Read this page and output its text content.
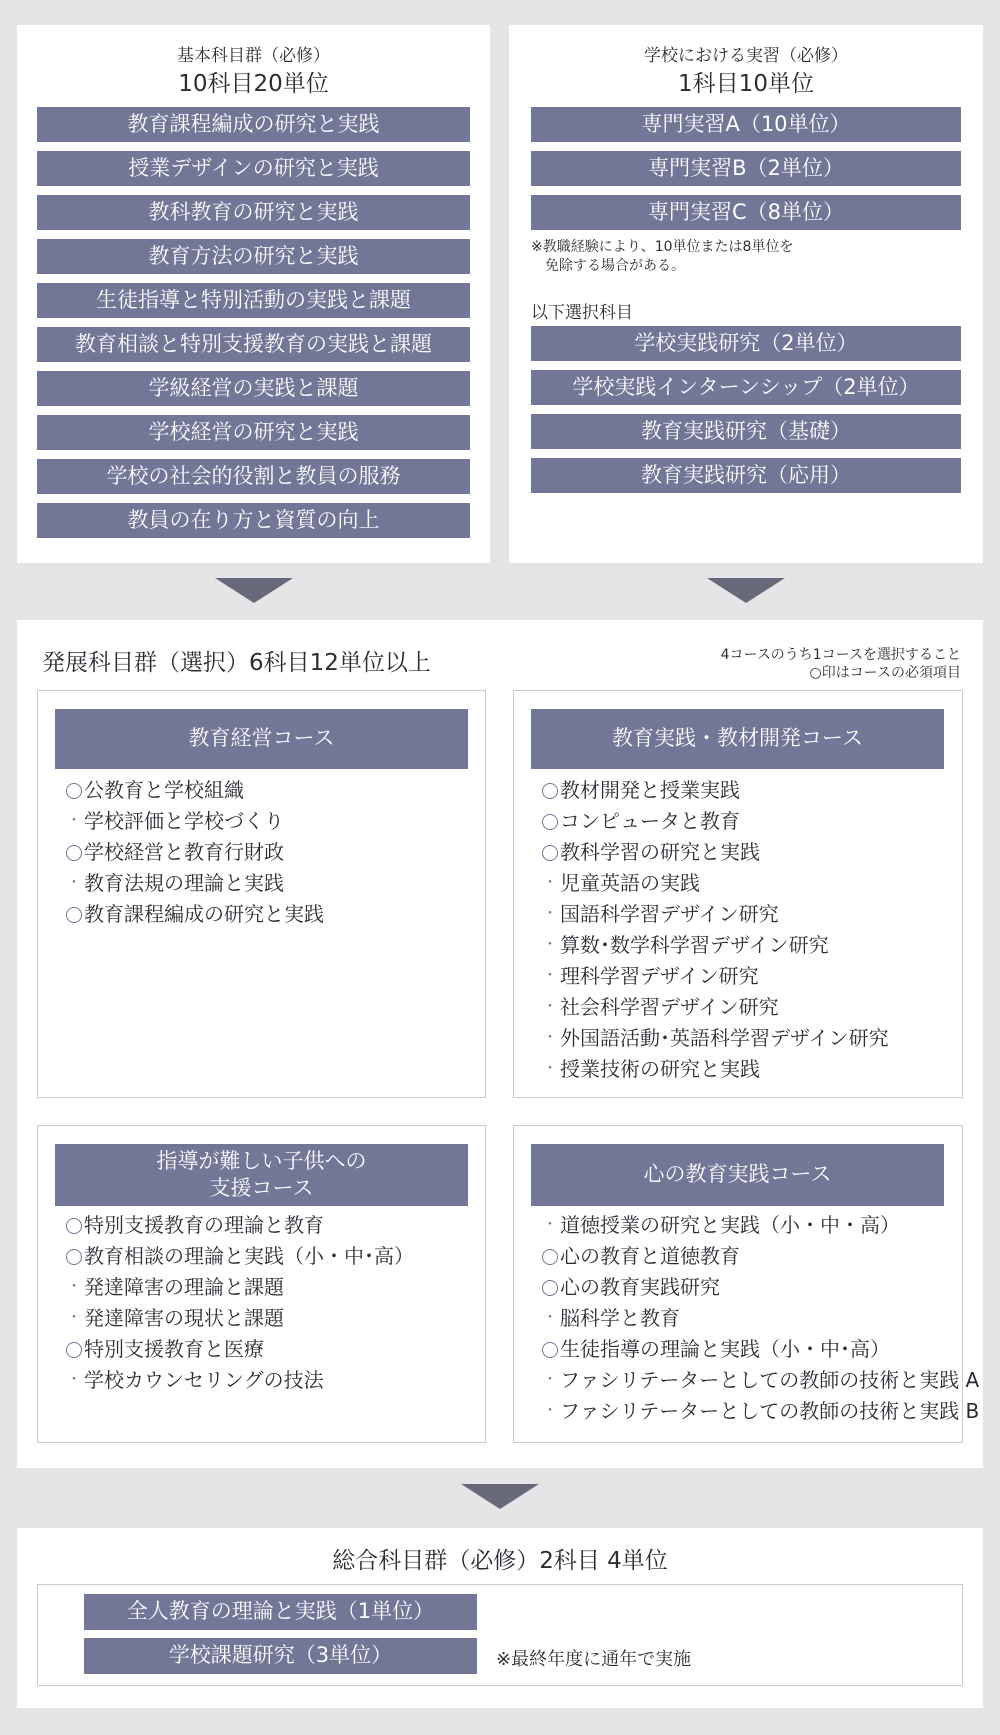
基本科目群（必修）
10科目20単位
教育課程編成の研究と実践
授業デザインの研究と実践
教科教育の研究と実践
教育方法の研究と実践
生徒指導と特別活動の実践と課題
教育相談と特別支援教育の実践と課題
学級経営の実践と課題
学校経営の研究と実践
学校の社会的役割と教員の服務
教員の在り方と資質の向上
学校における実習（必修）
1科目10単位
※教職経験により、10単位または8単位を
免除する場合がある。
以下選択科目
専門実習A（10単位）
専門実習B（2単位）
専門実習C（8単位）
学校実践研究（2単位）
学校実践インターンシップ（2単位）
教育実践研究（基礎）
教育実践研究（応用）
発展科目群（選択）6科目12単位以上	4コースのうち1コースを選択すること
○印はコースの必須項目
教育経営コース
公教育と学校組織
･ 学校評価と学校づくり
学校経営と教育行財政
･ 教育法規の理論と実践
教育課程編成の研究と実践
教育実践・教材開発コース
教材開発と授業実践
コンピュータと教育
教科学習の研究と実践
･ 児童英語の実践
･ 国語科学習デザイン研究
･ 算数･数学科学習デザイン研究
･ 理科学習デザイン研究
･ 社会科学習デザイン研究
･ 外国語活動･英語科学習デザイン研究
･ 授業技術の研究と実践
指導が難しい子供への
支援コース
特別支援教育の理論と教育
教育相談の理論と実践（小・中･高）
･ 発達障害の理論と課題
･ 発達障害の現状と課題
特別支援教育と医療
･ 学校カウンセリングの技法
心の教育実践コース
･ 道徳授業の研究と実践（小・中・高）
心の教育と道徳教育
心の教育実践研究
･ 脳科学と教育
生徒指導の理論と実践（小・中･高）
･ ファシリテーターとしての教師の技術と実践 A
･ ファシリテーターとしての教師の技術と実践 B
総合科目群（必修）2科目 4単位
全人教育の理論と実践（1単位）
学校課題研究（3単位）	※最終年度に通年で実施
